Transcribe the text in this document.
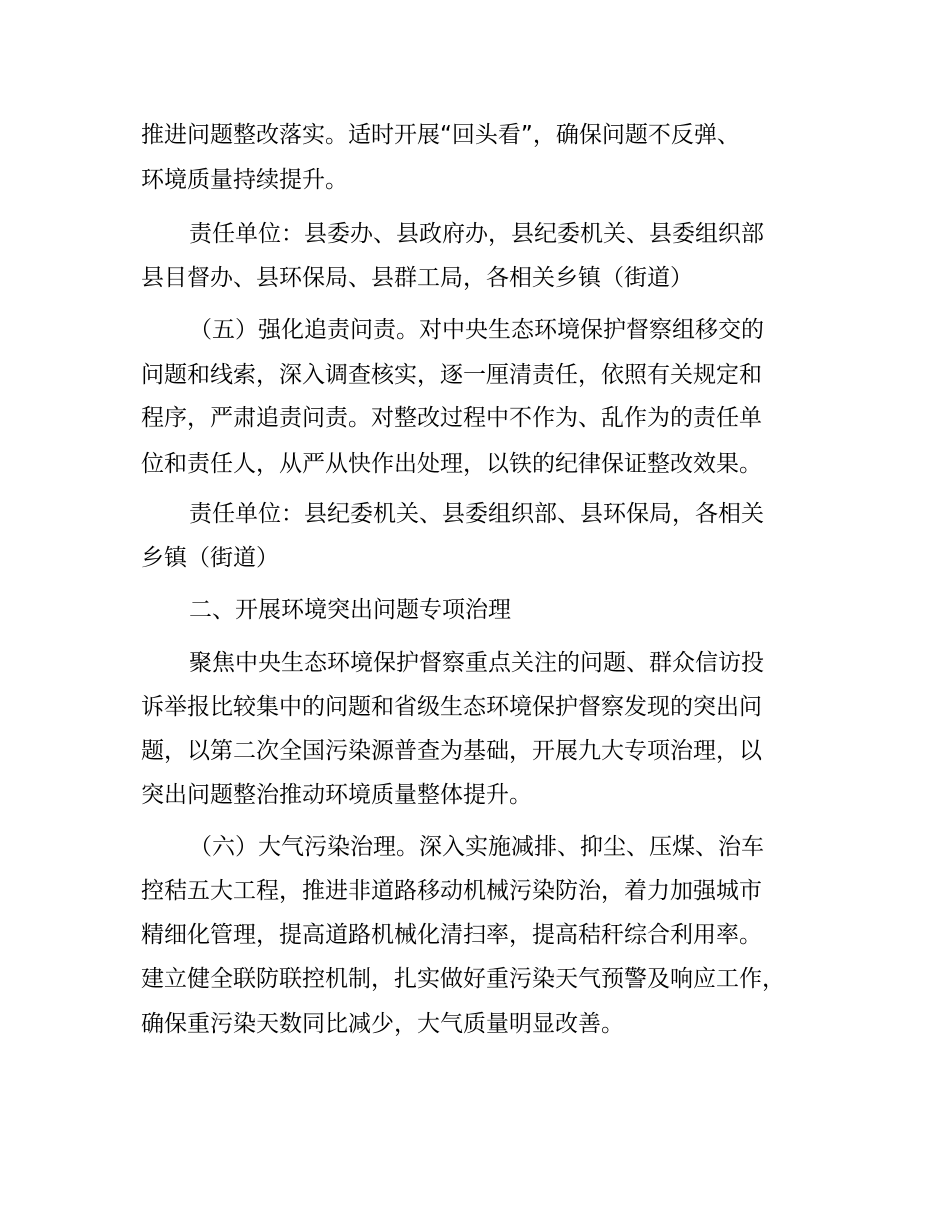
推进问题整改落实。适时开展“回头看”，确保问题不反弹、
环境质量持续提升。
责任单位：县委办、县政府办，县纪委机关、县委组织部
县目督办、县环保局、县群工局，各相关乡镇（街道）
（五）强化追责问责。对中央生态环境保护督察组移交的
问题和线索，深入调查核实，逐一厘清责任，依照有关规定和
程序，严肃追责问责。对整改过程中不作为、乱作为的责任单
位和责任人，从严从快作出处理，以铁的纪律保证整改效果。
责任单位：县纪委机关、县委组织部、县环保局，各相关
乡镇（街道）
二、开展环境突出问题专项治理
聚焦中央生态环境保护督察重点关注的问题、群众信访投
诉举报比较集中的问题和省级生态环境保护督察发现的突出问
题，以第二次全国污染源普查为基础，开展九大专项治理，以
突出问题整治推动环境质量整体提升。
（六）大气污染治理。深入实施减排、抑尘、压煤、治车
控秸五大工程，推进非道路移动机械污染防治，着力加强城市
精细化管理，提高道路机械化清扫率，提高秸秆综合利用率。
建立健全联防联控机制，扎实做好重污染天气预警及响应工作，
确保重污染天数同比减少，大气质量明显改善。
